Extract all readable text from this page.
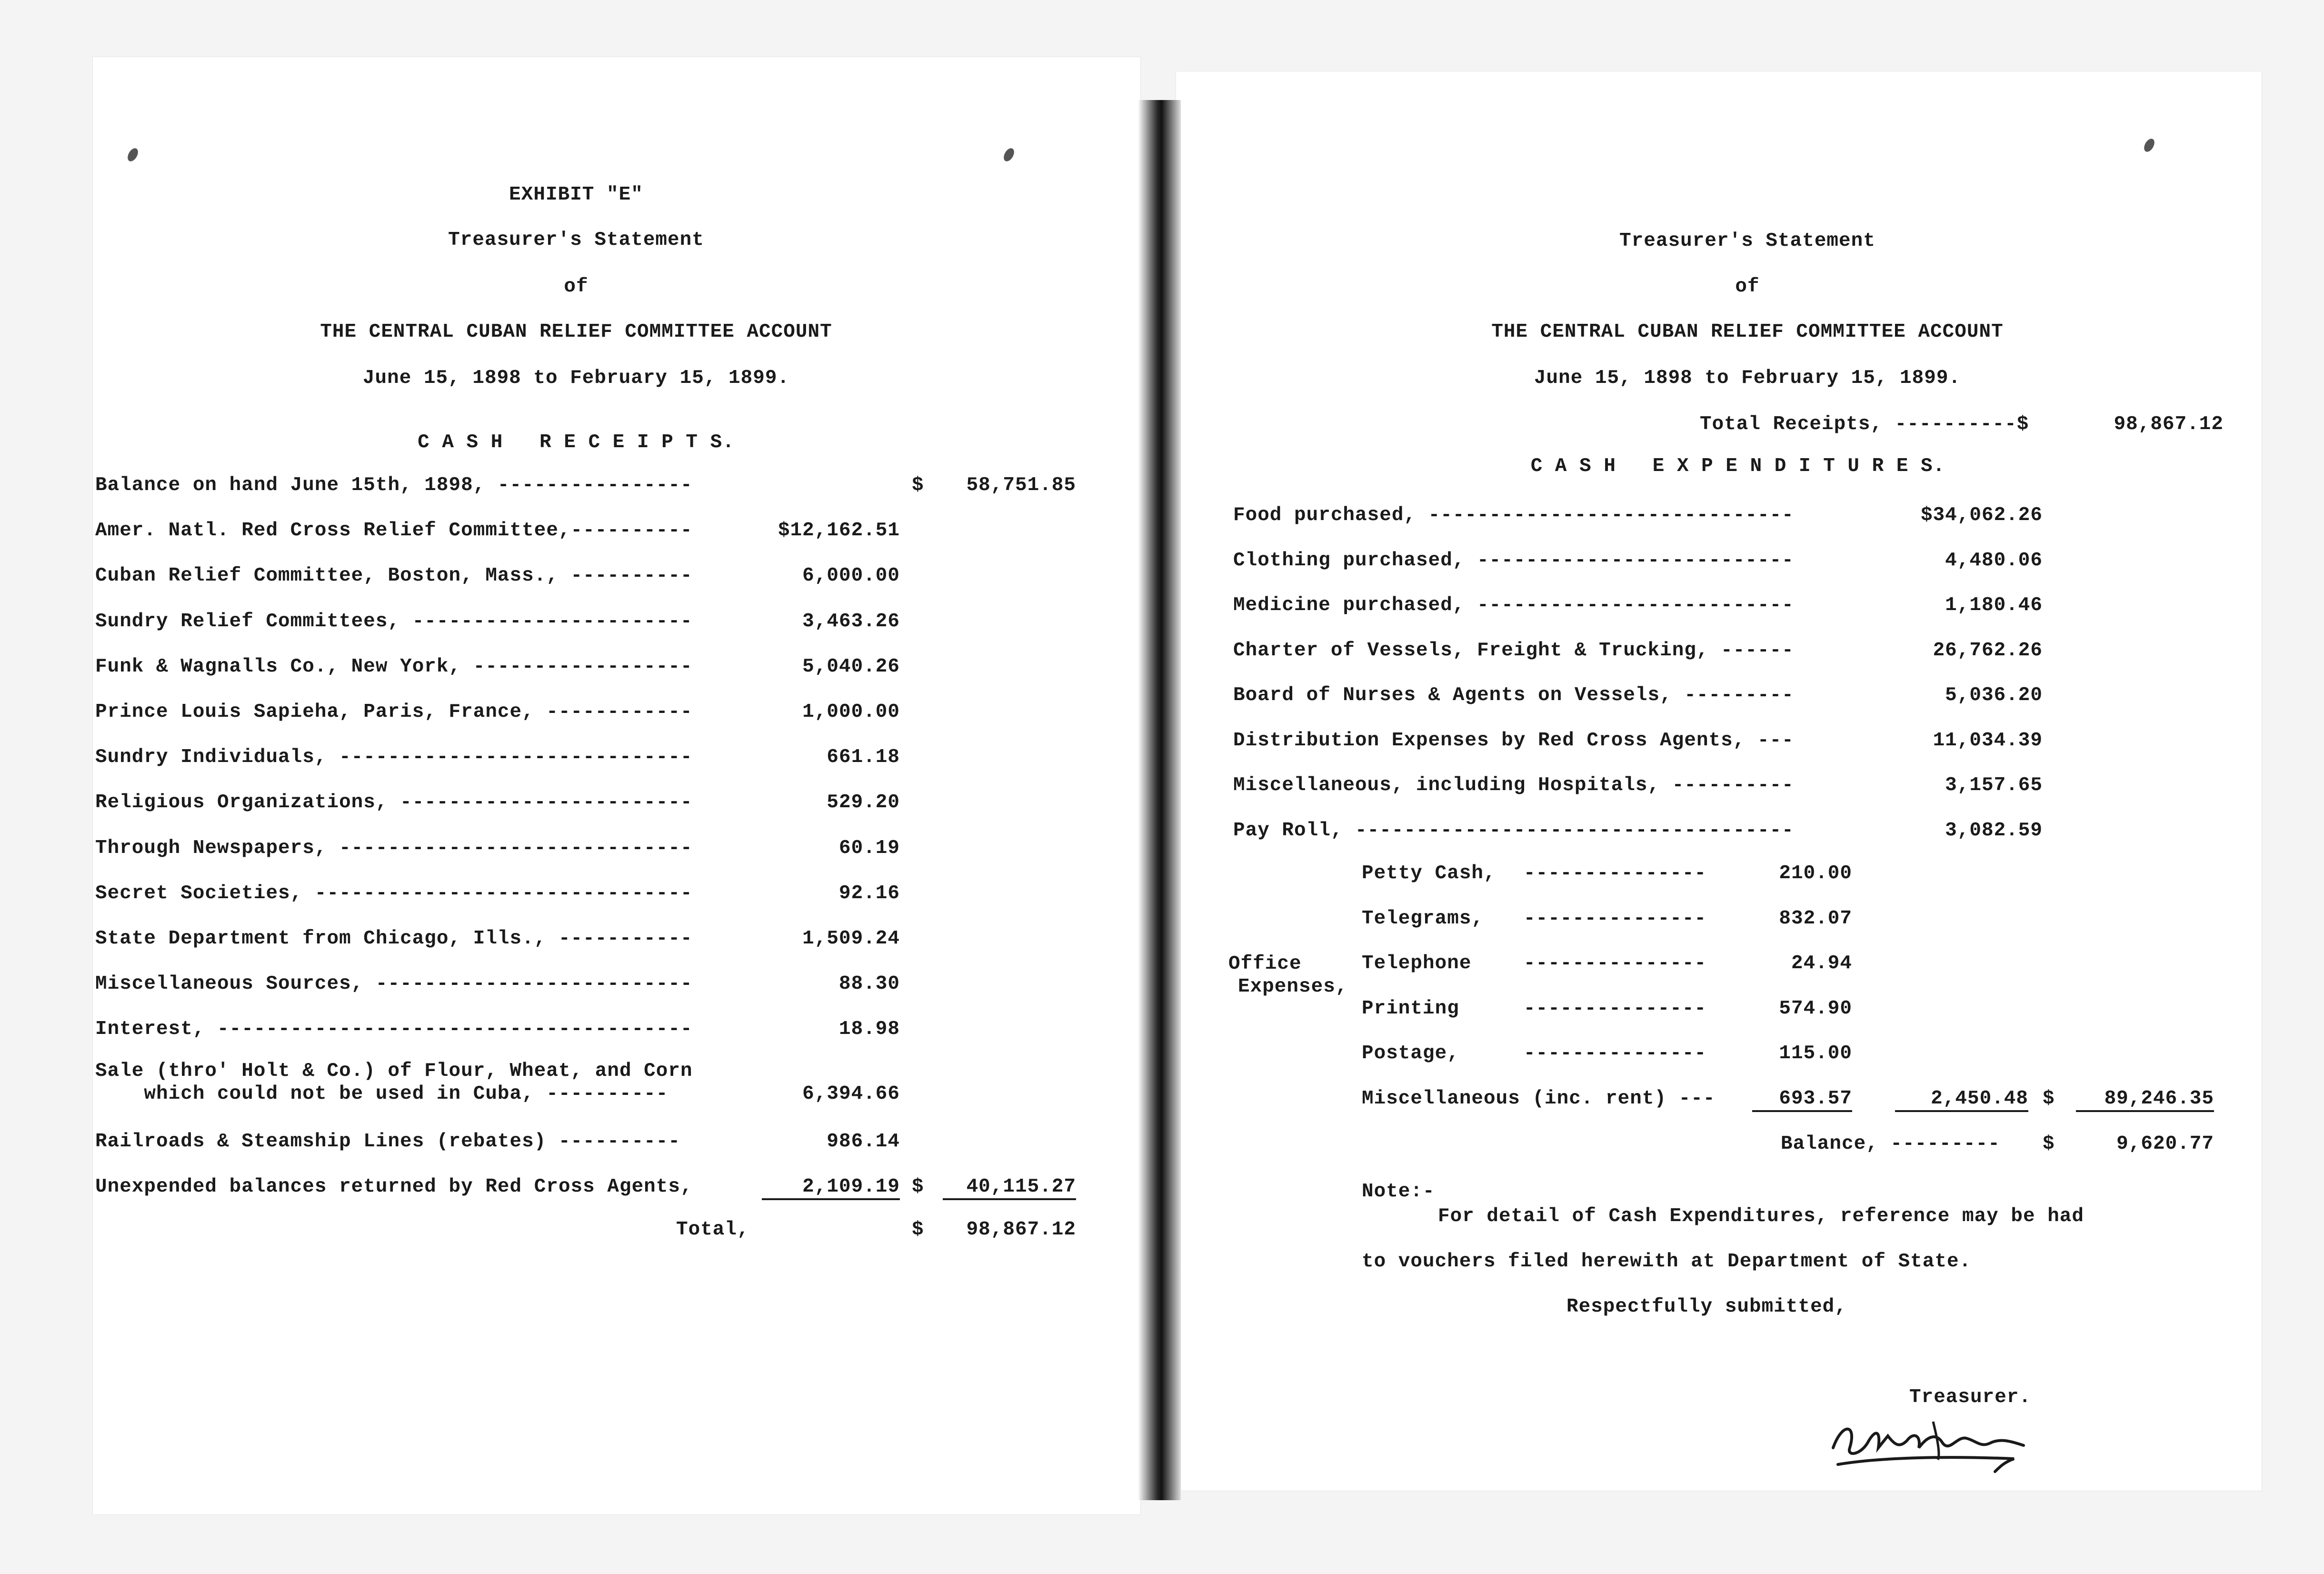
EXHIBIT "E"
Treasurer's Statement
of
THE CENTRAL CUBAN RELIEF COMMITTEE ACCOUNT
June 15, 1898 to February 15, 1899.
C A S H   R E C E I P T S.
Balance on hand June 15th, 1898, ----------------	$	58,751.85
Amer. Natl. Red Cross Relief Committee,----------	$12,162.51
Cuban Relief Committee, Boston, Mass., ----------	6,000.00
Sundry Relief Committees, -----------------------	3,463.26
Funk & Wagnalls Co., New York, ------------------	5,040.26
Prince Louis Sapieha, Paris, France, ------------	1,000.00
Sundry Individuals, -----------------------------	661.18
Religious Organizations, ------------------------	529.20
Through Newspapers, -----------------------------	60.19
Secret Societies, -------------------------------	92.16
State Department from Chicago, Ills., -----------	1,509.24
Miscellaneous Sources, --------------------------	88.30
Interest, ---------------------------------------	18.98
Sale (thro' Holt & Co.) of Flour, Wheat, and Corn
which could not be used in Cuba, ----------	6,394.66
Railroads & Steamship Lines (rebates) ----------	986.14
Unexpended balances returned by Red Cross Agents,	2,109.19 $	40,115.27
Total,	$	98,867.12
Treasurer's Statement
of
THE CENTRAL CUBAN RELIEF COMMITTEE ACCOUNT
June 15, 1898 to February 15, 1899.
Total Receipts, ----------$	98,867.12
C A S H   E X P E N D I T U R E S.
Food purchased, ------------------------------	$34,062.26
Clothing purchased, --------------------------	4,480.06
Medicine purchased, --------------------------	1,180.46
Charter of Vessels, Freight & Trucking, ------	26,762.26
Board of Nurses & Agents on Vessels, ---------	5,036.20
Distribution Expenses by Red Cross Agents, ---	11,034.39
Miscellaneous, including Hospitals, ----------	3,157.65
Pay Roll, ------------------------------------	3,082.59
Office
Expenses,
Petty Cash, ---------------	210.00
Telegrams, ---------------	832.07
Telephone	---------------	24.94
Printing	---------------	574.90
Postage,	---------------	115.00
Miscellaneous (inc. rent) ---	693.57	2,450.48 $	89,246.35
Balance, --------- $	9,620.77
Note:-
For detail of Cash Expenditures, reference may be had
to vouchers filed herewith at Department of State.
Respectfully submitted,
Treasurer.
